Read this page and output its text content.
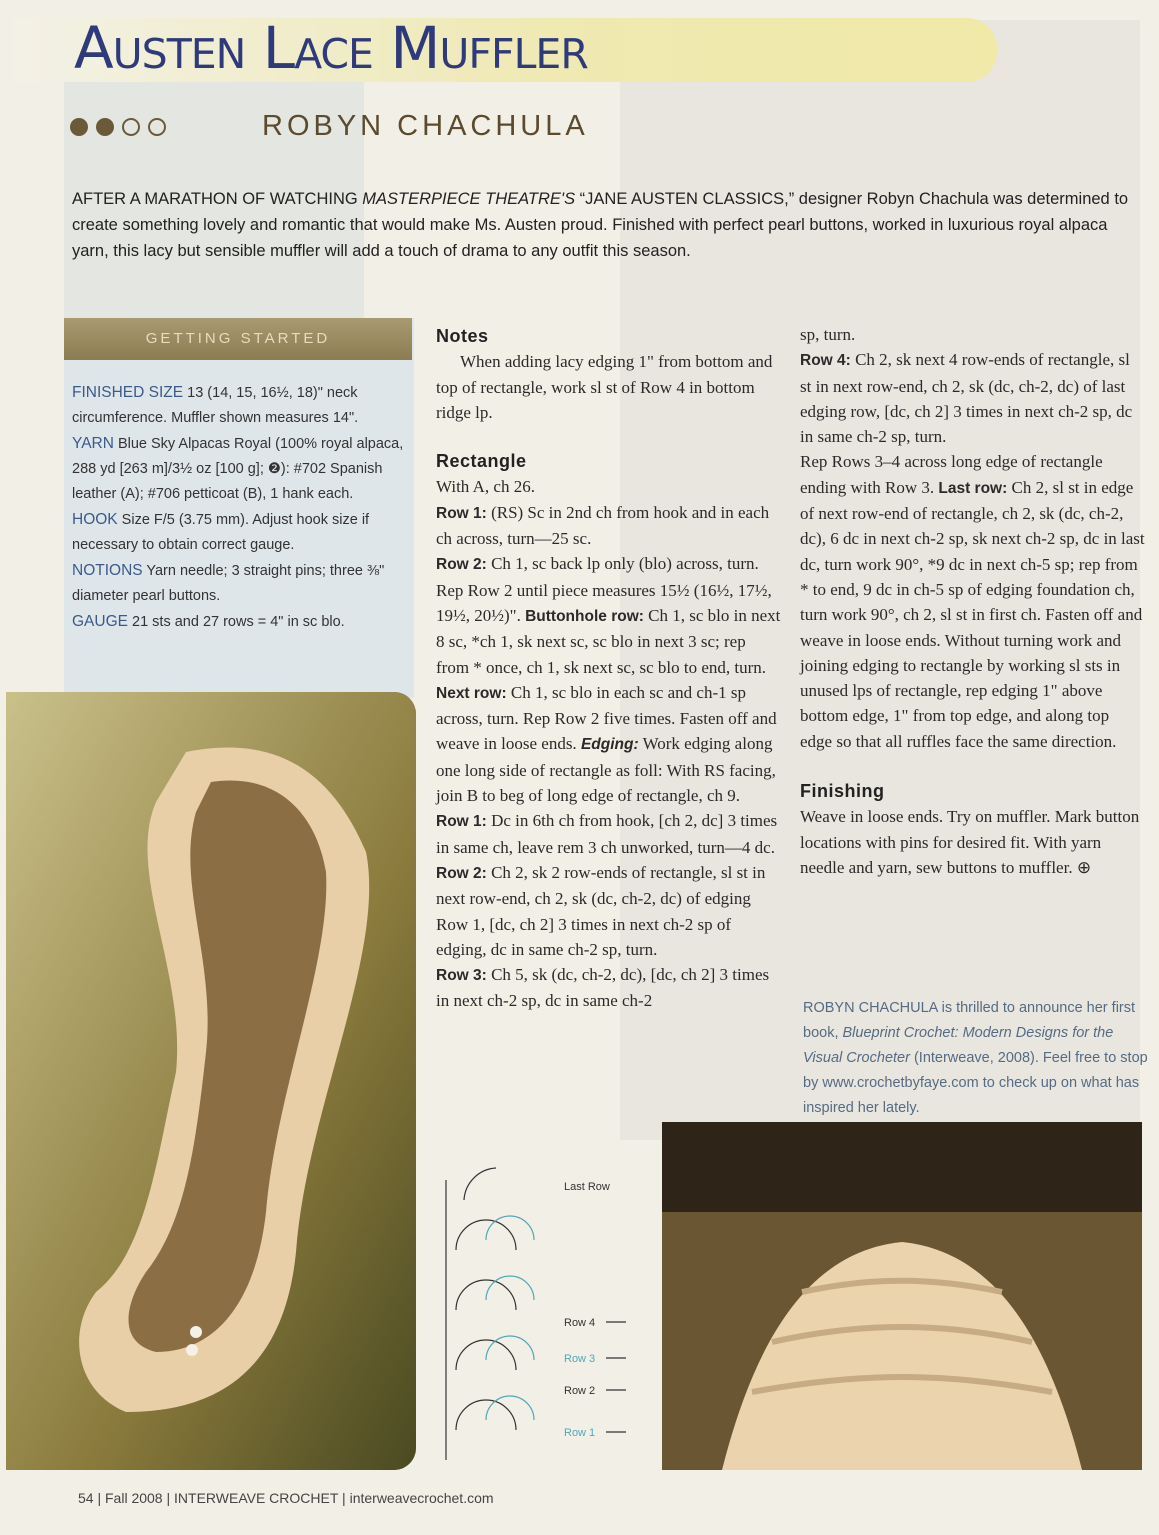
Austen Lace Muffler
ROBYN CHACHULA

AFTER A MARATHON OF WATCHING MASTERPIECE THEATRE'S “JANE AUSTEN CLASSICS,” designer Robyn Chachula was determined to create something lovely and romantic that would make Ms. Austen proud. Finished with perfect pearl buttons, worked in luxurious royal alpaca yarn, this lacy but sensible muffler will add a touch of drama to any outfit this season.

GETTING STARTED

FINISHED SIZE 13 (14, 15, 16½, 18)" neck circumference. Muffler shown measures 14".
YARN Blue Sky Alpacas Royal (100% royal alpaca, 288 yd [263 m]/3½ oz [100 g]; ❷): #702 Spanish leather (A); #706 petticoat (B), 1 hank each.
HOOK Size F/5 (3.75 mm). Adjust hook size if necessary to obtain correct gauge.
NOTIONS Yarn needle; 3 straight pins; three ⅜" diameter pearl buttons.
GAUGE 21 sts and 27 rows = 4" in sc blo.

Notes
When adding lacy edging 1" from bottom and top of rectangle, work sl st of Row 4 in bottom ridge lp.
Rectangle
With A, ch 26.
Row 1: (RS) Sc in 2nd ch from hook and in each ch across, turn—25 sc.
Row 2: Ch 1, sc back lp only (blo) across, turn.
Rep Row 2 until piece measures 15½ (16½, 17½, 19½, 20½)". Buttonhole row: Ch 1, sc blo in next 8 sc, *ch 1, sk next sc, sc blo in next 3 sc; rep from * once, ch 1, sk next sc, sc blo to end, turn. Next row: Ch 1, sc blo in each sc and ch-1 sp across, turn. Rep Row 2 five times. Fasten off and weave in loose ends. Edging: Work edging along one long side of rectangle as foll: With RS facing, join B to beg of long edge of rectangle, ch 9.
Row 1: Dc in 6th ch from hook, [ch 2, dc] 3 times in same ch, leave rem 3 ch unworked, turn—4 dc.
Row 2: Ch 2, sk 2 row-ends of rectangle, sl st in next row-end, ch 2, sk (dc, ch-2, dc) of edging Row 1, [dc, ch 2] 3 times in next ch-2 sp of edging, dc in same ch-2 sp, turn.
Row 3: Ch 5, sk (dc, ch-2, dc), [dc, ch 2] 3 times in next ch-2 sp, dc in same ch-2
sp, turn.
Row 4: Ch 2, sk next 4 row-ends of rectangle, sl st in next row-end, ch 2, sk (dc, ch-2, dc) of last edging row, [dc, ch 2] 3 times in next ch-2 sp, dc in same ch-2 sp, turn.
Rep Rows 3–4 across long edge of rectangle ending with Row 3. Last row: Ch 2, sl st in edge of next row-end of rectangle, ch 2, sk (dc, ch-2, dc), 6 dc in next ch-2 sp, sk next ch-2 sp, dc in last dc, turn work 90°, *9 dc in next ch-5 sp; rep from * to end, 9 dc in ch-5 sp of edging foundation ch, turn work 90°, ch 2, sl st in first ch. Fasten off and weave in loose ends. Without turning work and joining edging to rectangle by working sl sts in unused lps of rectangle, rep edging 1" above bottom edge, 1" from top edge, and along top edge so that all ruffles face the same direction.
Finishing
Weave in loose ends. Try on muffler. Mark button locations with pins for desired fit. With yarn needle and yarn, sew buttons to muffler. ⊕

ROBYN CHACHULA is thrilled to announce her first book, Blueprint Crochet: Modern Designs for the Visual Crocheter (Interweave, 2008). Feel free to stop by www.crochetbyfaye.com to check up on what has inspired her lately.

Last Row
Row 4
Row 3
Row 2
Row 1

54 | Fall 2008 | INTERWEAVE CROCHET | interweavecrochet.com
